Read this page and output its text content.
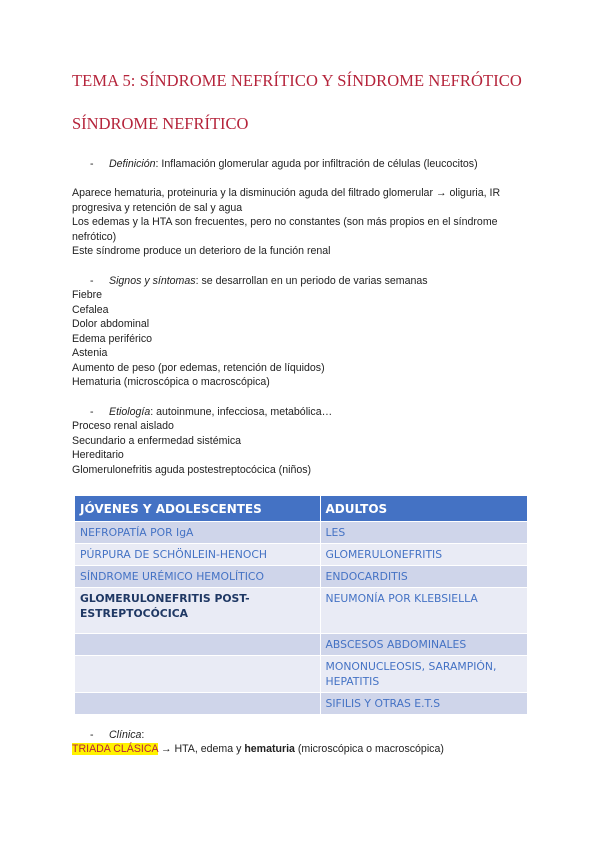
TEMA 5: SÍNDROME NEFRÍTICO Y SÍNDROME NEFRÓTICO
SÍNDROME NEFRÍTICO
- Definición: Inflamación glomerular aguda por infiltración de células (leucocitos)

Aparece hematuria, proteinuria y la disminución aguda del filtrado glomerular → oliguria, IR progresiva y retención de sal y agua

Los edemas y la HTA son frecuentes, pero no constantes (son más propios en el síndrome nefrótico)

Este síndrome produce un deterioro de la función renal

- Signos y síntomas: se desarrollan en un periodo de varias semanas
Fiebre
Cefalea
Dolor abdominal
Edema periférico
Astenia
Aumento de peso (por edemas, retención de líquidos)
Hematuria (microscópica o macroscópica)
- Etiología: autoinmune, infecciosa, metabólica…
Proceso renal aislado
Secundario a enfermedad sistémica
Hereditario
Glomerulonefritis aguda postestreptocócica (niños)
JÓVENES Y ADOLESCENTES	ADULTOS
NEFROPATÍA POR IgA	LES
PÚRPURA DE SCHÖNLEIN-HENOCH	GLOMERULONEFRITIS
SÍNDROME URÉMICO HEMOLÍTICO	ENDOCARDITIS
GLOMERULONEFRITIS POST-ESTREPTOCÓCICA	NEUMONÍA POR KLEBSIELLA
	ABSCESOS ABDOMINALES
	MONONUCLEOSIS, SARAMPIÓN, HEPATITIS
	SIFILIS Y OTRAS E.T.S
- Clínica:
TRIADA CLÁSICA → HTA, edema y hematuria (microscópica o macroscópica)
